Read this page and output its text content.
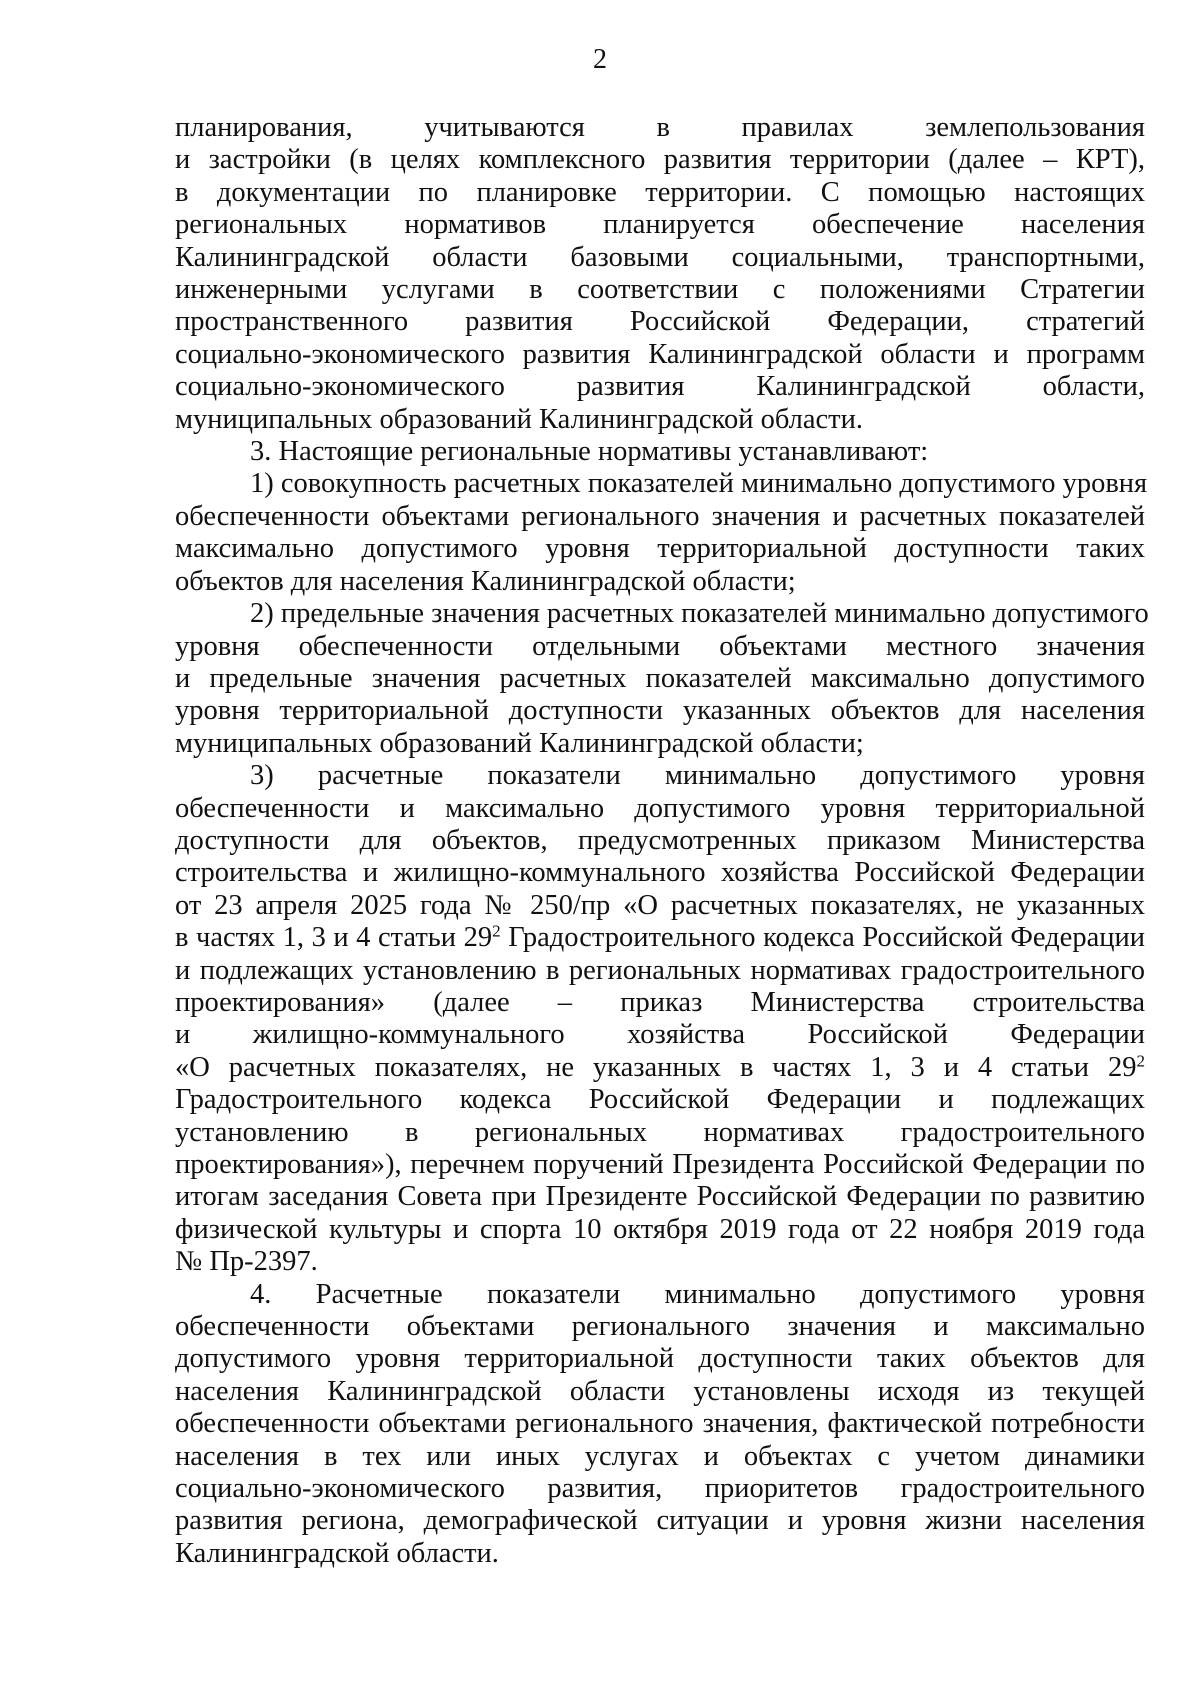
2
планирования, учитываются в правилах землепользования
и застройки (в целях комплексного развития территории (далее – КРТ),
в документации по планировке территории. С помощью настоящих
региональных нормативов планируется обеспечение населения
Калининградской области базовыми социальными, транспортными,
инженерными услугами в соответствии с положениями Стратегии
пространственного развития Российской Федерации, стратегий
социально-экономического развития Калининградской области и программ
социально-экономического развития Калининградской области,
муниципальных образований Калининградской области.
3. Настоящие региональные нормативы устанавливают:
1) совокупность расчетных показателей минимально допустимого уровня
обеспеченности объектами регионального значения и расчетных показателей
максимально допустимого уровня территориальной доступности таких
объектов для населения Калининградской области;
2) предельные значения расчетных показателей минимально допустимого
уровня обеспеченности отдельными объектами местного значения
и предельные значения расчетных показателей максимально допустимого
уровня территориальной доступности указанных объектов для населения
муниципальных образований Калининградской области;
3) расчетные показатели минимально допустимого уровня
обеспеченности и максимально допустимого уровня территориальной
доступности для объектов, предусмотренных приказом Министерства
строительства и жилищно-коммунального хозяйства Российской Федерации
от 23 апреля 2025 года № 250/пр «О расчетных показателях, не указанных
в частях 1, 3 и 4 статьи $29^2$ Градостроительного кодекса Российской Федерации
и подлежащих установлению в региональных нормативах градостроительного
проектирования» (далее – приказ Министерства строительства
и жилищно-коммунального хозяйства Российской Федерации
«О расчетных показателях, не указанных в частях 1, 3 и 4 статьи $29^2$
Градостроительного кодекса Российской Федерации и подлежащих
установлению в региональных нормативах градостроительного
проектирования»), перечнем поручений Президента Российской Федерации по
итогам заседания Совета при Президенте Российской Федерации по развитию
физической культуры и спорта 10 октября 2019 года от 22 ноября 2019 года
№ Пр-2397.
4. Расчетные показатели минимально допустимого уровня
обеспеченности объектами регионального значения и максимально
допустимого уровня территориальной доступности таких объектов для
населения Калининградской области установлены исходя из текущей
обеспеченности объектами регионального значения, фактической потребности
населения в тех или иных услугах и объектах с учетом динамики
социально-экономического развития, приоритетов градостроительного
развития региона, демографической ситуации и уровня жизни населения
Калининградской области.
